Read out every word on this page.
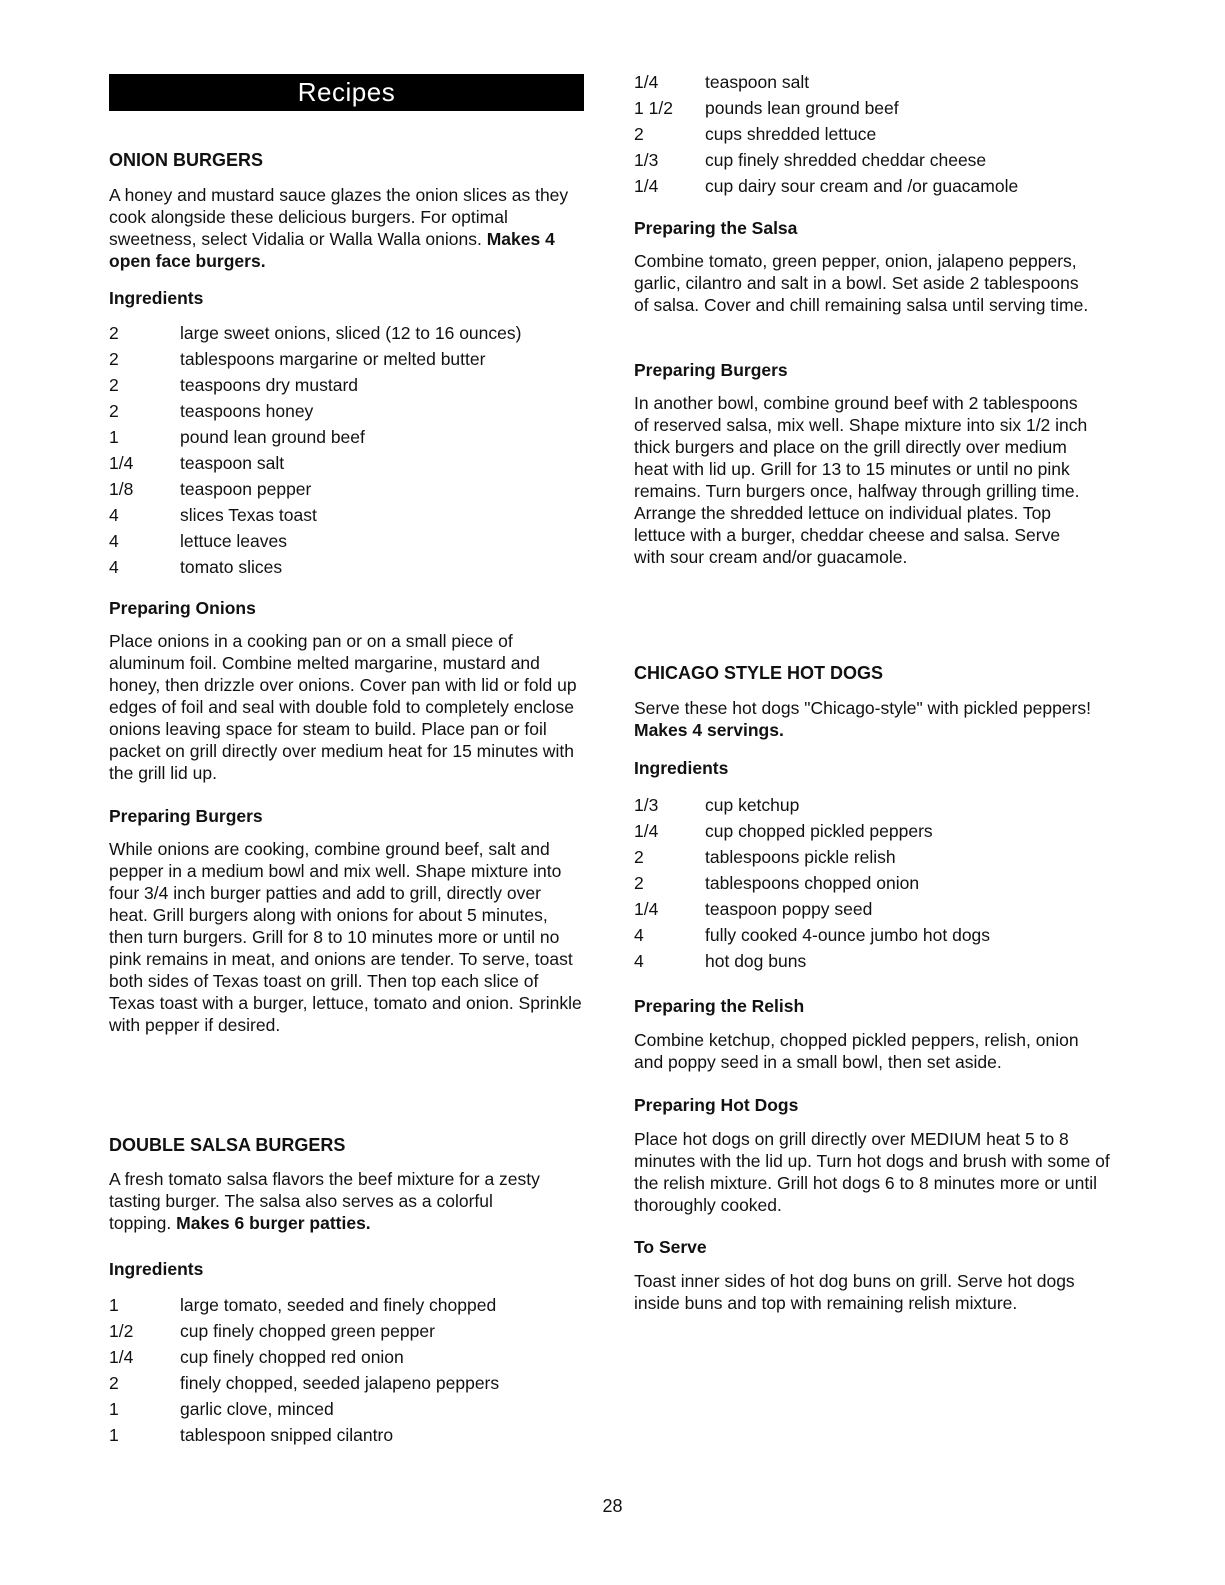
Recipes
ONION BURGERS

A honey and mustard sauce glazes the onion slices as they cook alongside these delicious burgers. For optimal sweetness, select Vidalia or Walla Walla onions. Makes 4 open face burgers.

Ingredients
2	large sweet onions, sliced (12 to 16 ounces)
2	tablespoons margarine or melted butter
2	teaspoons dry mustard
2	teaspoons honey
1	pound lean ground beef
1/4	teaspoon salt
1/8	teaspoon pepper
4	slices Texas toast
4	lettuce leaves
4	tomato slices
Preparing Onions

Place onions in a cooking pan or on a small piece of aluminum foil. Combine melted margarine, mustard and honey, then drizzle over onions. Cover pan with lid or fold up edges of foil and seal with double fold to completely enclose onions leaving space for steam to build. Place pan or foil packet on grill directly over medium heat for 15 minutes with the grill lid up.

Preparing Burgers

While onions are cooking, combine ground beef, salt and pepper in a medium bowl and mix well. Shape mixture into four 3/4 inch burger patties and add to grill, directly over heat. Grill burgers along with onions for about 5 minutes, then turn burgers. Grill for 8 to 10 minutes more or until no pink remains in meat, and onions are tender. To serve, toast both sides of Texas toast on grill. Then top each slice of Texas toast with a burger, lettuce, tomato and onion. Sprinkle with pepper if desired.

DOUBLE SALSA BURGERS

A fresh tomato salsa flavors the beef mixture for a zesty tasting burger. The salsa also serves as a colorful topping. Makes 6 burger patties.

Ingredients
1	large tomato, seeded and finely chopped
1/2	cup finely chopped green pepper
1/4	cup finely chopped red onion
2	finely chopped, seeded jalapeno peppers
1	garlic clove, minced
1	tablespoon snipped cilantro
1/4	teaspoon salt
1 1/2	pounds lean ground beef
2	cups shredded lettuce
1/3	cup finely shredded cheddar cheese
1/4	cup dairy sour cream and /or guacamole
Preparing the Salsa

Combine tomato, green pepper, onion, jalapeno peppers, garlic, cilantro and salt in a bowl. Set aside 2 tablespoons of salsa. Cover and chill remaining salsa until serving time.

Preparing Burgers

In another bowl, combine ground beef with 2 tablespoons of reserved salsa, mix well. Shape mixture into six 1/2 inch thick burgers and place on the grill directly over medium heat with lid up. Grill for 13 to 15 minutes or until no pink remains. Turn burgers once, halfway through grilling time. Arrange the shredded lettuce on individual plates. Top lettuce with a burger, cheddar cheese and salsa. Serve with sour cream and/or guacamole.

CHICAGO STYLE HOT DOGS

Serve these hot dogs "Chicago-style" with pickled peppers! Makes 4 servings.

Ingredients
1/3	cup ketchup
1/4	cup chopped pickled peppers
2	tablespoons pickle relish
2	tablespoons chopped onion
1/4	teaspoon poppy seed
4	fully cooked 4-ounce jumbo hot dogs
4	hot dog buns
Preparing the Relish

Combine ketchup, chopped pickled peppers, relish, onion and poppy seed in a small bowl, then set aside.

Preparing Hot Dogs

Place hot dogs on grill directly over MEDIUM heat 5 to 8 minutes with the lid up. Turn hot dogs and brush with some of the relish mixture. Grill hot dogs 6 to 8 minutes more or until thoroughly cooked.

To Serve

Toast inner sides of hot dog buns on grill. Serve hot dogs inside buns and top with remaining relish mixture.

28
